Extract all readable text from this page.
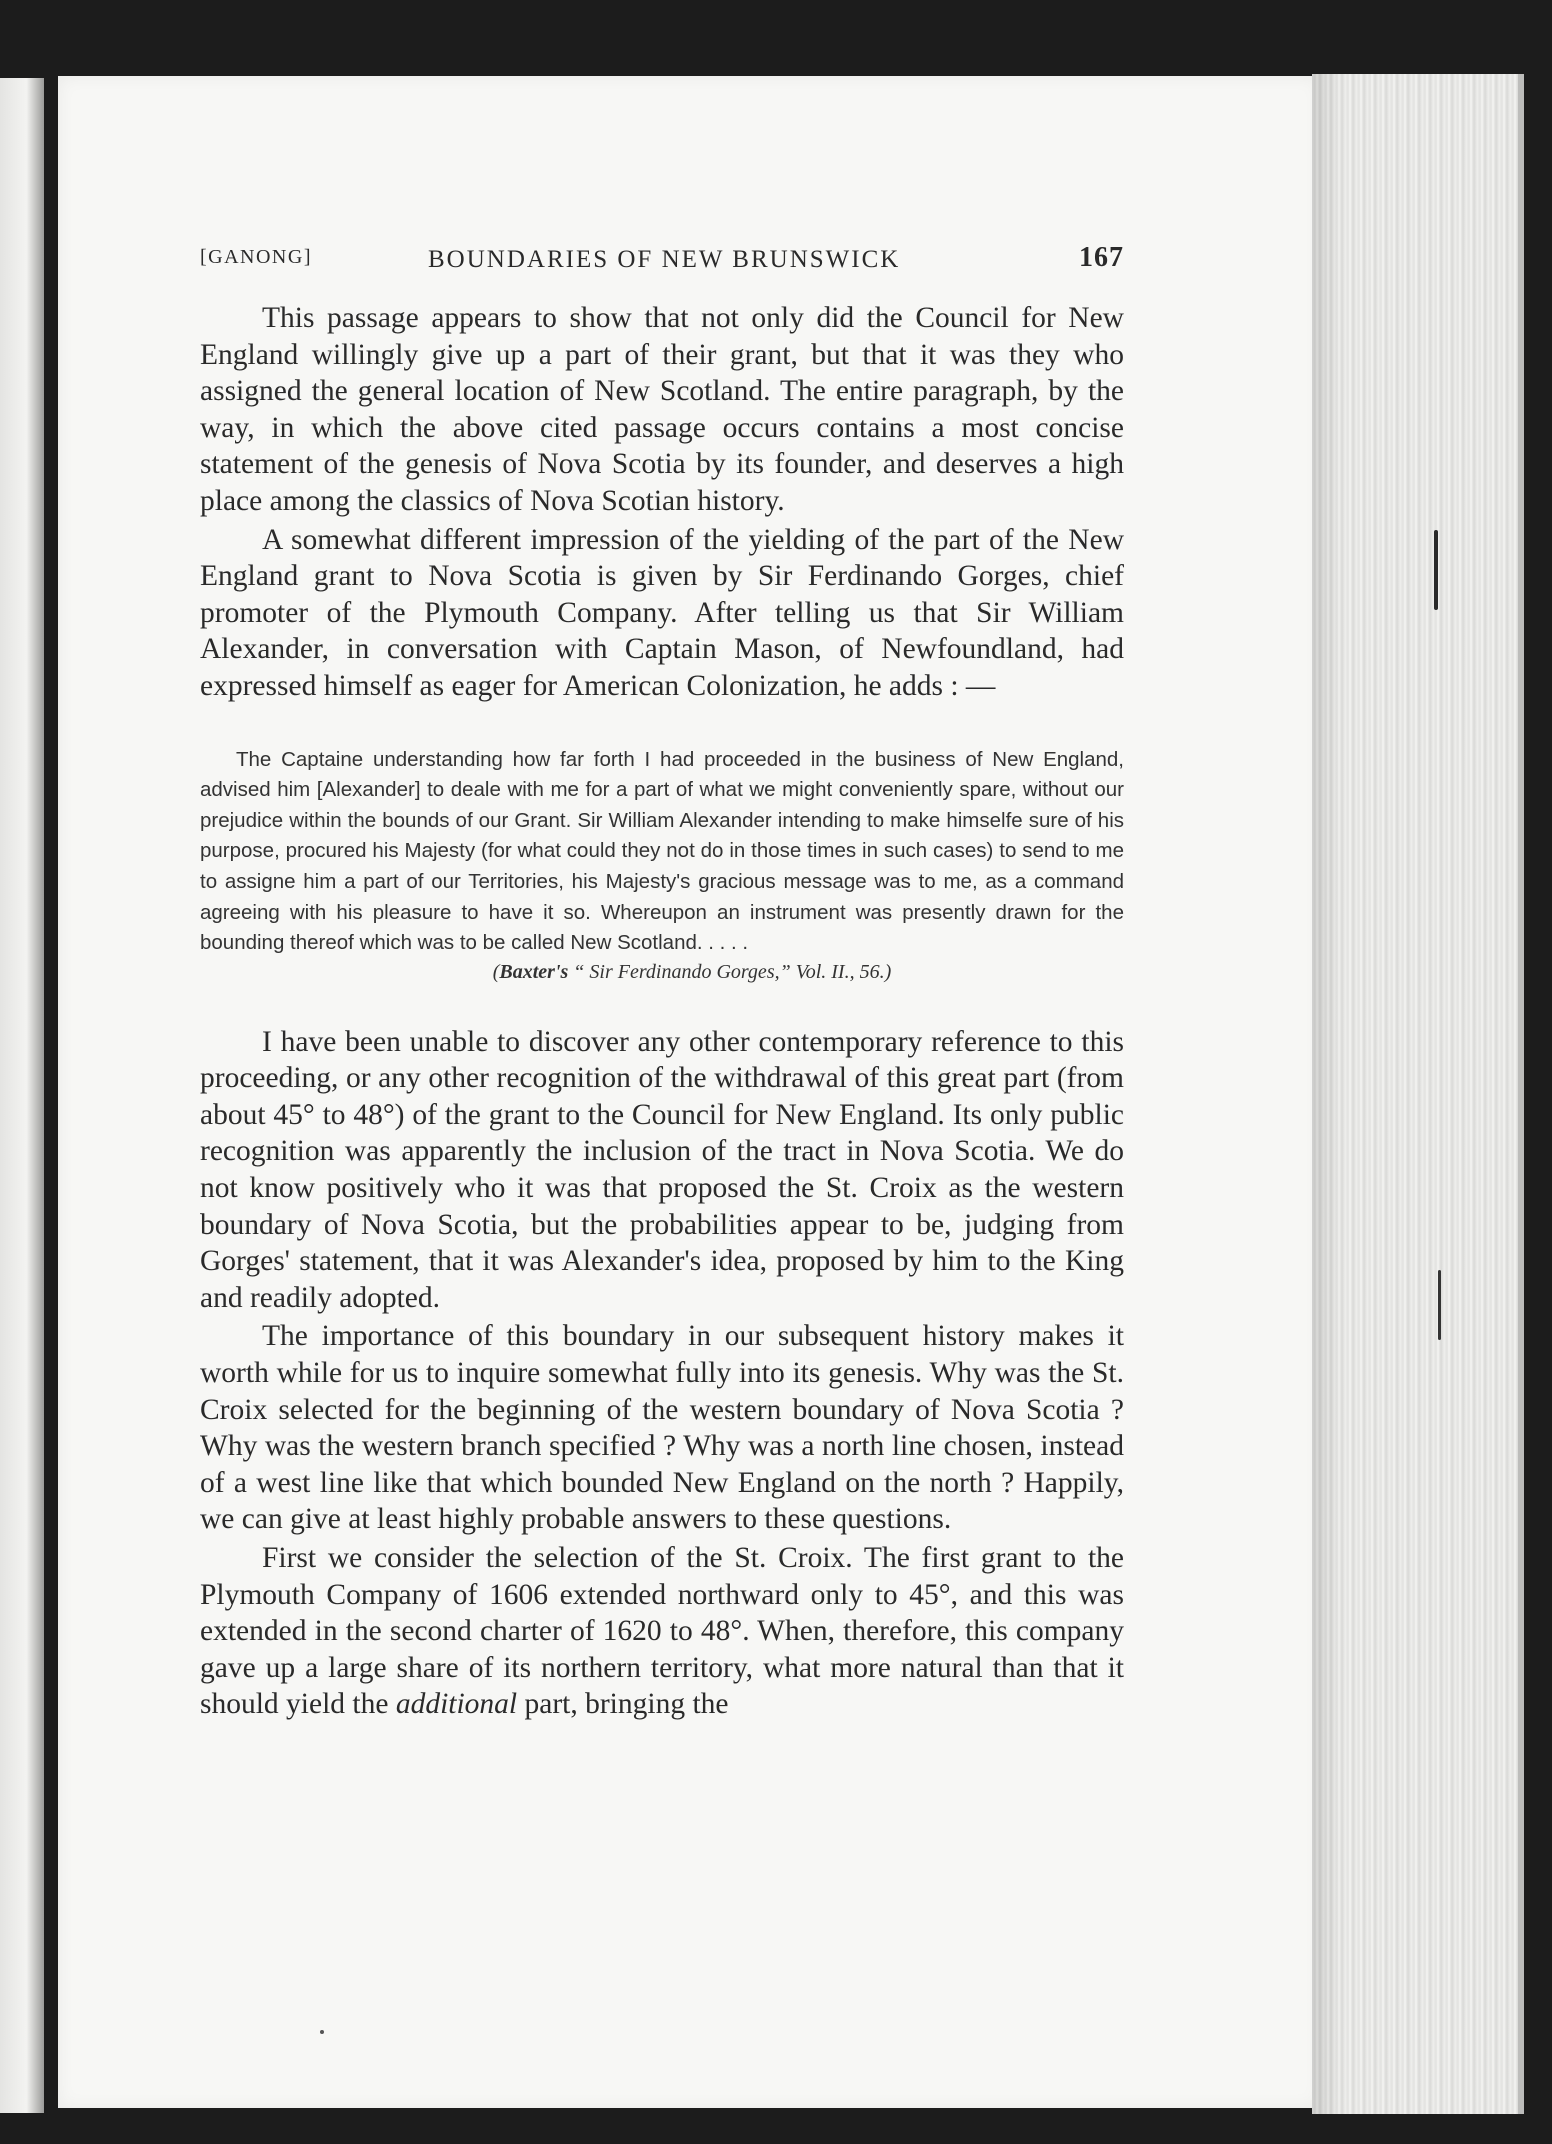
[GANONG]	BOUNDARIES OF NEW BRUNSWICK	167

This passage appears to show that not only did the Council for New England willingly give up a part of their grant, but that it was they who assigned the general location of New Scotland. The entire paragraph, by the way, in which the above cited passage occurs contains a most concise statement of the genesis of Nova Scotia by its founder, and deserves a high place among the classics of Nova Scotian history.

A somewhat different impression of the yielding of the part of the New England grant to Nova Scotia is given by Sir Ferdinando Gorges, chief promoter of the Plymouth Company. After telling us that Sir William Alexander, in conversation with Captain Mason, of Newfoundland, had expressed himself as eager for American Colonization, he adds : —

The Captaine understanding how far forth I had proceeded in the business of New England, advised him [Alexander] to deale with me for a part of what we might conveniently spare, without our prejudice within the bounds of our Grant. Sir William Alexander intending to make himselfe sure of his purpose, procured his Majesty (for what could they not do in those times in such cases) to send to me to assigne him a part of our Territories, his Majesty's gracious message was to me, as a command agreeing with his pleasure to have it so. Whereupon an instrument was presently drawn for the bounding thereof which was to be called New Scotland. . . . .
(Baxter's “ Sir Ferdinando Gorges,” Vol. II., 56.)

I have been unable to discover any other contemporary reference to this proceeding, or any other recognition of the withdrawal of this great part (from about 45° to 48°) of the grant to the Council for New England. Its only public recognition was apparently the inclusion of the tract in Nova Scotia. We do not know positively who it was that proposed the St. Croix as the western boundary of Nova Scotia, but the probabilities appear to be, judging from Gorges' statement, that it was Alexander's idea, proposed by him to the King and readily adopted.

The importance of this boundary in our subsequent history makes it worth while for us to inquire somewhat fully into its genesis. Why was the St. Croix selected for the beginning of the western boundary of Nova Scotia ? Why was the western branch specified ? Why was a north line chosen, instead of a west line like that which bounded New England on the north ? Happily, we can give at least highly probable answers to these questions.

First we consider the selection of the St. Croix. The first grant to the Plymouth Company of 1606 extended northward only to 45°, and this was extended in the second charter of 1620 to 48°. When, therefore, this company gave up a large share of its northern territory, what more natural than that it should yield the additional part, bringing the
